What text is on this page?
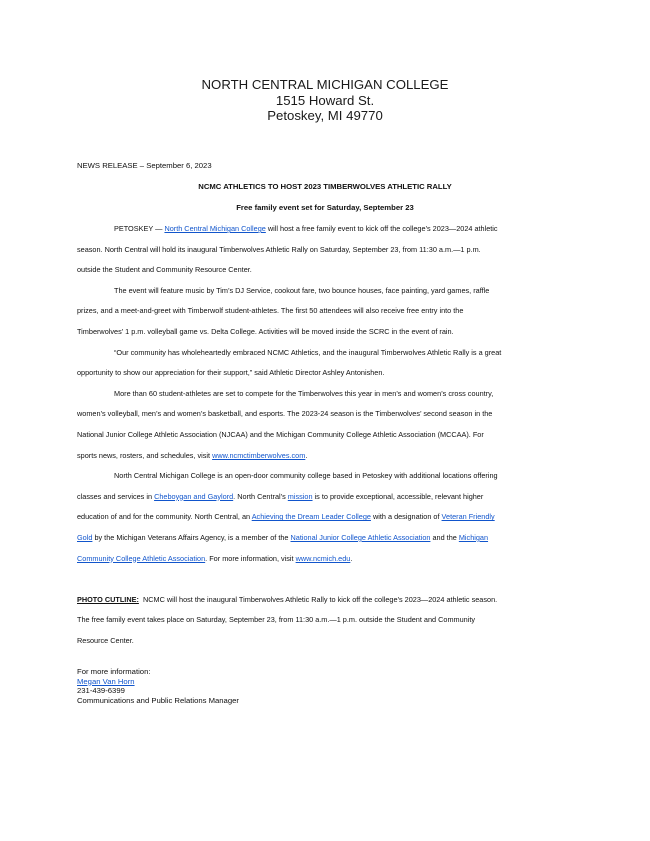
NORTH CENTRAL MICHIGAN COLLEGE
1515 Howard St.
Petoskey, MI 49770
NEWS RELEASE – September 6, 2023
NCMC ATHLETICS TO HOST 2023 TIMBERWOLVES ATHLETIC RALLY
Free family event set for Saturday, September 23

PETOSKEY — North Central Michigan College will host a free family event to kick off the college’s 2023—2024 athletic

season. North Central will hold its inaugural Timberwolves Athletic Rally on Saturday, September 23, from 11:30 a.m.—1 p.m.

outside the Student and Community Resource Center.

The event will feature music by Tim’s DJ Service, cookout fare, two bounce houses, face painting, yard games, raffle

prizes, and a meet-and-greet with Timberwolf student-athletes. The first 50 attendees will also receive free entry into the

Timberwolves’ 1 p.m. volleyball game vs. Delta College. Activities will be moved inside the SCRC in the event of rain.

“Our community has wholeheartedly embraced NCMC Athletics, and the inaugural Timberwolves Athletic Rally is a great

opportunity to show our appreciation for their support,” said Athletic Director Ashley Antonishen.

More than 60 student-athletes are set to compete for the Timberwolves this year in men’s and women’s cross country,

women’s volleyball, men’s and women’s basketball, and esports. The 2023-24 season is the Timberwolves’ second season in the

National Junior College Athletic Association (NJCAA) and the Michigan Community College Athletic Association (MCCAA). For

sports news, rosters, and schedules, visit www.ncmctimberwolves.com.

North Central Michigan College is an open-door community college based in Petoskey with additional locations offering

classes and services in Cheboygan and Gaylord. North Central’s mission is to provide exceptional, accessible, relevant higher

education of and for the community. North Central, an Achieving the Dream Leader College with a designation of Veteran Friendly

Gold by the Michigan Veterans Affairs Agency, is a member of the National Junior College Athletic Association and the Michigan

Community College Athletic Association. For more information, visit www.ncmich.edu.

PHOTO CUTLINE:  NCMC will host the inaugural Timberwolves Athletic Rally to kick off the college’s 2023—2024 athletic season.

The free family event takes place on Saturday, September 23, from 11:30 a.m.—1 p.m. outside the Student and Community

Resource Center.

For more information:
Megan Van Horn
231-439-6399
Communications and Public Relations Manager
